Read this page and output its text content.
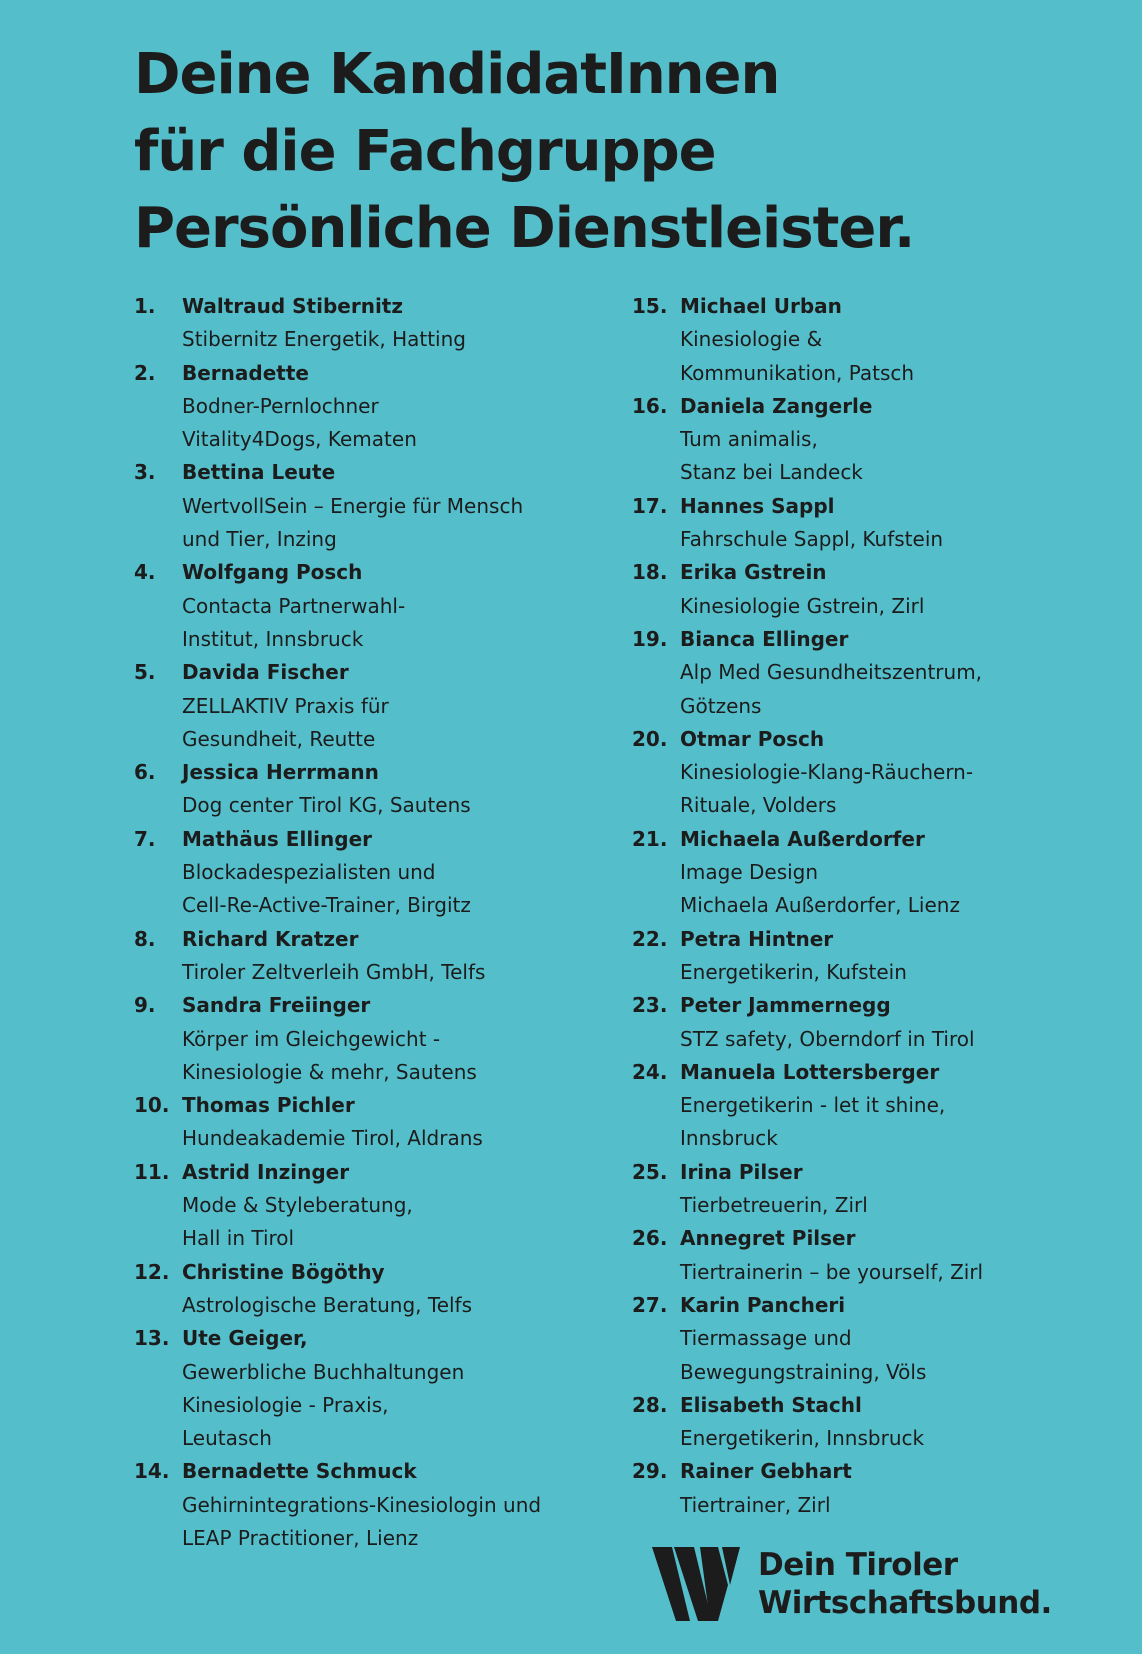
Deine KandidatInnen
für die Fachgruppe
Persönliche Dienstleister.
1.	Waltraud Stibernitz
Stibernitz Energetik, Hatting
2.	Bernadette
Bodner-Pernlochner
Vitality4Dogs, Kematen
3.	Bettina Leute
WertvollSein – Energie für Mensch
und Tier, Inzing
4.	Wolfgang Posch
Contacta Partnerwahl-
Institut, Innsbruck
5.	Davida Fischer
ZELLAKTIV Praxis für
Gesundheit, Reutte
6.	Jessica Herrmann
Dog center Tirol KG, Sautens
7.	Mathäus Ellinger
Blockadespezialisten und
Cell-Re-Active-Trainer, Birgitz
8.	Richard Kratzer
Tiroler Zeltverleih GmbH, Telfs
9.	Sandra Freiinger
Körper im Gleichgewicht -
Kinesiologie & mehr, Sautens
10. Thomas Pichler
Hundeakademie Tirol, Aldrans
11. Astrid Inzinger
Mode & Styleberatung,
Hall in Tirol
12. Christine Bögöthy
Astrologische Beratung, Telfs
13. Ute Geiger,
Gewerbliche Buchhaltungen
Kinesiologie - Praxis,
Leutasch
14. Bernadette Schmuck
Gehirnintegrations-Kinesiologin und
LEAP Practitioner, Lienz
15. Michael Urban
Kinesiologie &
Kommunikation, Patsch
16. Daniela Zangerle
Tum animalis,
Stanz bei Landeck
17. Hannes Sappl
Fahrschule Sappl, Kufstein
18. Erika Gstrein
Kinesiologie Gstrein, Zirl
19. Bianca Ellinger
Alp Med Gesundheitszentrum,
Götzens
20. Otmar Posch
Kinesiologie-Klang-Räuchern-
Rituale, Volders
21. Michaela Außerdorfer
Image Design
Michaela Außerdorfer, Lienz
22. Petra Hintner
Energetikerin, Kufstein
23. Peter Jammernegg
STZ safety, Oberndorf in Tirol
24. Manuela Lottersberger
Energetikerin - let it shine,
Innsbruck
25. Irina Pilser
Tierbetreuerin, Zirl
26. Annegret Pilser
Tiertrainerin – be yourself, Zirl
27. Karin Pancheri
Tiermassage und
Bewegungstraining, Völs
28. Elisabeth Stachl
Energetikerin, Innsbruck
29. Rainer Gebhart
Tiertrainer, Zirl
Dein Tiroler
Wirtschaftsbund.
